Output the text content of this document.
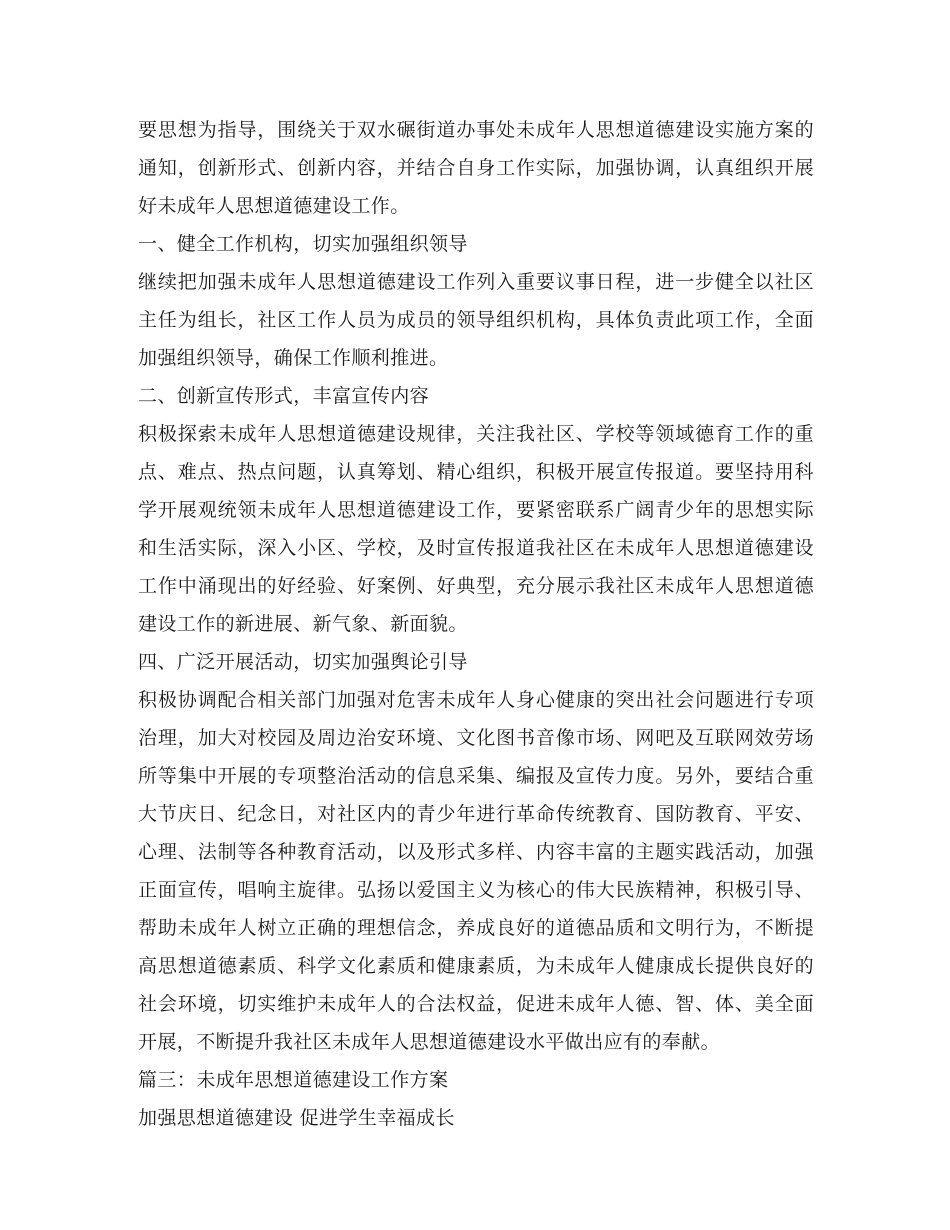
要思想为指导，围绕关于双水碾街道办事处未成年人思想道德建设实施方案的通知，创新形式、创新内容，并结合自身工作实际，加强协调，认真组织开展好未成年人思想道德建设工作。

一、健全工作机构，切实加强组织领导

继续把加强未成年人思想道德建设工作列入重要议事日程，进一步健全以社区主任为组长，社区工作人员为成员的领导组织机构，具体负责此项工作，全面加强组织领导，确保工作顺利推进。

二、创新宣传形式，丰富宣传内容

积极探索未成年人思想道德建设规律，关注我社区、学校等领域德育工作的重点、难点、热点问题，认真筹划、精心组织，积极开展宣传报道。要坚持用科学开展观统领未成年人思想道德建设工作，要紧密联系广阔青少年的思想实际和生活实际，深入小区、学校，及时宣传报道我社区在未成年人思想道德建设工作中涌现出的好经验、好案例、好典型，充分展示我社区未成年人思想道德建设工作的新进展、新气象、新面貌。

四、广泛开展活动，切实加强舆论引导

积极协调配合相关部门加强对危害未成年人身心健康的突出社会问题进行专项治理，加大对校园及周边治安环境、文化图书音像市场、网吧及互联网效劳场所等集中开展的专项整治活动的信息采集、编报及宣传力度。另外，要结合重大节庆日、纪念日，对社区内的青少年进行革命传统教育、国防教育、平安、心理、法制等各种教育活动，以及形式多样、内容丰富的主题实践活动，加强正面宣传，唱响主旋律。弘扬以爱国主义为核心的伟大民族精神，积极引导、帮助未成年人树立正确的理想信念，养成良好的道德品质和文明行为，不断提高思想道德素质、科学文化素质和健康素质，为未成年人健康成长提供良好的社会环境，切实维护未成年人的合法权益，促进未成年人德、智、体、美全面开展，不断提升我社区未成年人思想道德建设水平做出应有的奉献。

篇三：未成年思想道德建设工作方案

加强思想道德建设 促进学生幸福成长
